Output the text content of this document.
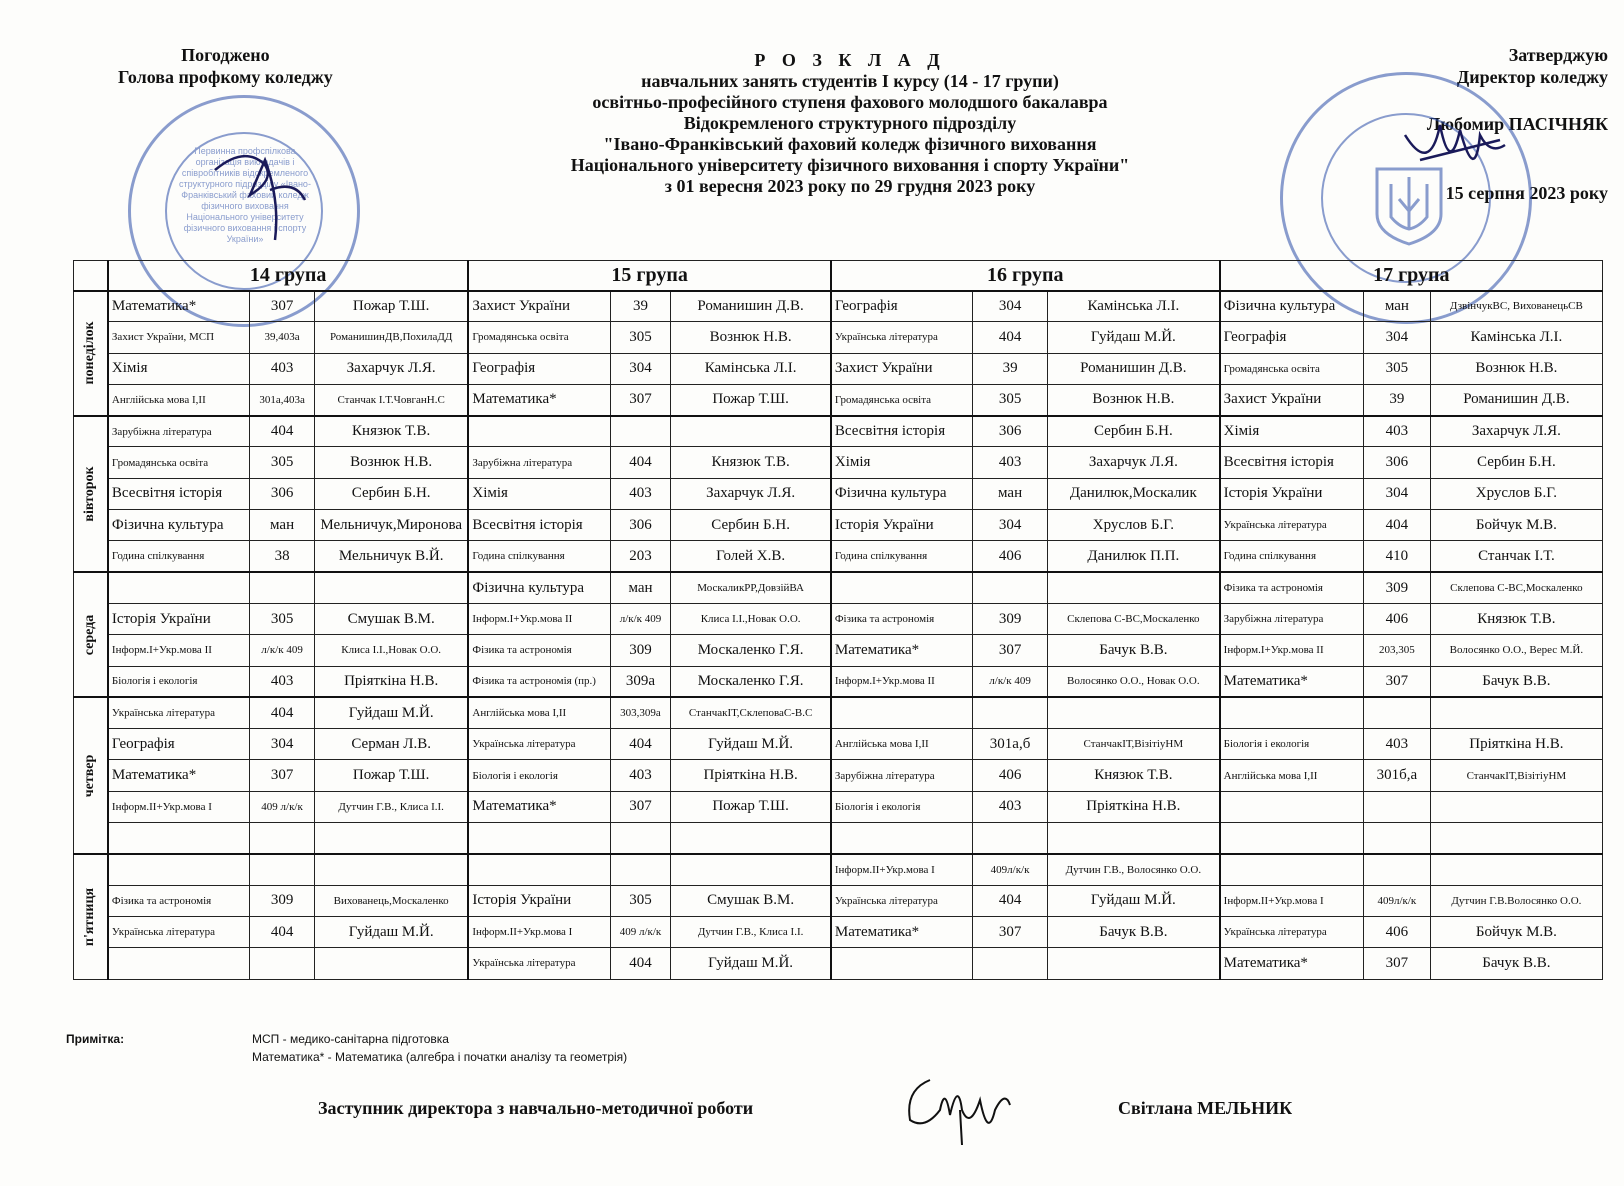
Погоджено
Голова профкому коледжу
Р О З К Л А Д
навчальних занять студентів І курсу (14 - 17 групи)
освітньо-професійного ступеня фахового молодшого бакалавра
Відокремленого структурного підрозділу
"Івано-Франківський фаховий коледж фізичного виховання
Національного університету фізичного виховання і спорту України"
з 01 вересня 2023 року по 29 грудня 2023 року
Затверджую
Директор коледжу
Любомир ПАСІЧНЯК
15 серпня 2023 року
Первинна профспілкова організація викладачів і співробітників відокремленого структурного підрозділу «Івано-Франківський фаховий коледж фізичного виховання Національного університету фізичного виховання і спорту України»
	14 група			15 група			16 група			17 група		

понеділок	Математика*	307	Пожар Т.Ш.	Захист України	39	Романишин Д.В.	Географія	304	Камінська Л.І.	Фізична культура	ман	ДзвінчукВС, ВихованецьСВ
	Захист України, МСП	39,403а	РоманишинДВ,ПохилаДД	Громадянська освіта	305	Вознюк Н.В.	Українська література	404	Гуйдаш М.Й.	Географія	304	Камінська Л.І.
	Хімія	403	Захарчук Л.Я.	Географія	304	Камінська Л.І.	Захист України	39	Романишин Д.В.	Громадянська освіта	305	Вознюк Н.В.
	Англійська мова І,ІІ	301а,403а	Станчак І.Т.ЧовганН.С	Математика*	307	Пожар Т.Ш.	Громадянська освіта	305	Вознюк Н.В.	Захист України	39	Романишин Д.В.

вівторок	Зарубіжна література	404	Князюк Т.В.				Всесвітня історія	306	Сербин Б.Н.	Хімія	403	Захарчук Л.Я.
	Громадянська освіта	305	Вознюк Н.В.	Зарубіжна література	404	Князюк Т.В.	Хімія	403	Захарчук Л.Я.	Всесвітня історія	306	Сербин Б.Н.
	Всесвітня історія	306	Сербин Б.Н.	Хімія	403	Захарчук Л.Я.	Фізична культура	ман	Данилюк,Москалик	Історія України	304	Хруслов Б.Г.
	Фізична культура	ман	Мельничук,Миронова	Всесвітня історія	306	Сербин Б.Н.	Історія України	304	Хруслов Б.Г.	Українська література	404	Бойчук М.В.
	Година спілкування	38	Мельничук В.Й.	Година спілкування	203	Голей Х.В.	Година спілкування	406	Данилюк П.П.	Година спілкування	410	Станчак І.Т.

середа				Фізична культура	ман	МоскаликРР,ДовзійВА				Фізика та астрономія	309	Склепова С-ВС,Москаленко
	Історія України	305	Смушак В.М.	Інформ.І+Укр.мова ІІ	л/к/к 409	Клиса І.І.,Новак О.О.	Фізика та астрономія	309	Склепова С-ВС,Москаленко	Зарубіжна література	406	Князюк Т.В.
	Інформ.І+Укр.мова ІІ	л/к/к 409	Клиса І.І.,Новак О.О.	Фізика та астрономія	309	Москаленко Г.Я.	Математика*	307	Бачук В.В.	Інформ.І+Укр.мова ІІ	203,305	Волосянко О.О., Верес М.Й.
	Біологія і екологія	403	Пріяткіна Н.В.	Фізика та астрономія (пр.)	309а	Москаленко Г.Я.	Інформ.І+Укр.мова ІІ	л/к/к 409	Волосянко О.О., Новак О.О.	Математика*	307	Бачук В.В.

четвер	Українська література	404	Гуйдаш М.Й.	Англійська мова І,ІІ	303,309а	СтанчакІТ,СклеповаС-В.С						
	Географія	304	Серман Л.В.	Українська література	404	Гуйдаш М.Й.	Англійська мова І,ІІ	301а,б	СтанчакІТ,ВізітіуНМ	Біологія і екологія	403	Пріяткіна Н.В.
	Математика*	307	Пожар Т.Ш.	Біологія і екологія	403	Пріяткіна Н.В.	Зарубіжна література	406	Князюк Т.В.	Англійська мова І,ІІ	301б,а	СтанчакІТ,ВізітіуНМ
	Інформ.ІІ+Укр.мова І	409 л/к/к	Дутчин Г.В., Клиса І.І.	Математика*	307	Пожар Т.Ш.	Біологія і екологія	403	Пріяткіна Н.В.			

п'ятниця							Інформ.ІІ+Укр.мова І	409л/к/к	Дутчин Г.В., Волосянко О.О.			
	Фізика та астрономія	309	Вихованець,Москаленко	Історія України	305	Смушак В.М.	Українська література	404	Гуйдаш М.Й.	Інформ.ІІ+Укр.мова І	409л/к/к	Дутчин Г.В.Волосянко О.О.
	Українська література	404	Гуйдаш М.Й.	Інформ.ІІ+Укр.мова І	409 л/к/к	Дутчин Г.В., Клиса І.І.	Математика*	307	Бачук В.В.	Українська література	406	Бойчук М.В.
				Українська література	404	Гуйдаш М.Й.				Математика*	307	Бачук В.В.
Примітка:	МСП - медико-санітарна підготовка
Математика* - Математика (алгебра і початки аналізу та геометрія)
Заступник директора з навчально-методичної роботи	Світлана МЕЛЬНИК
